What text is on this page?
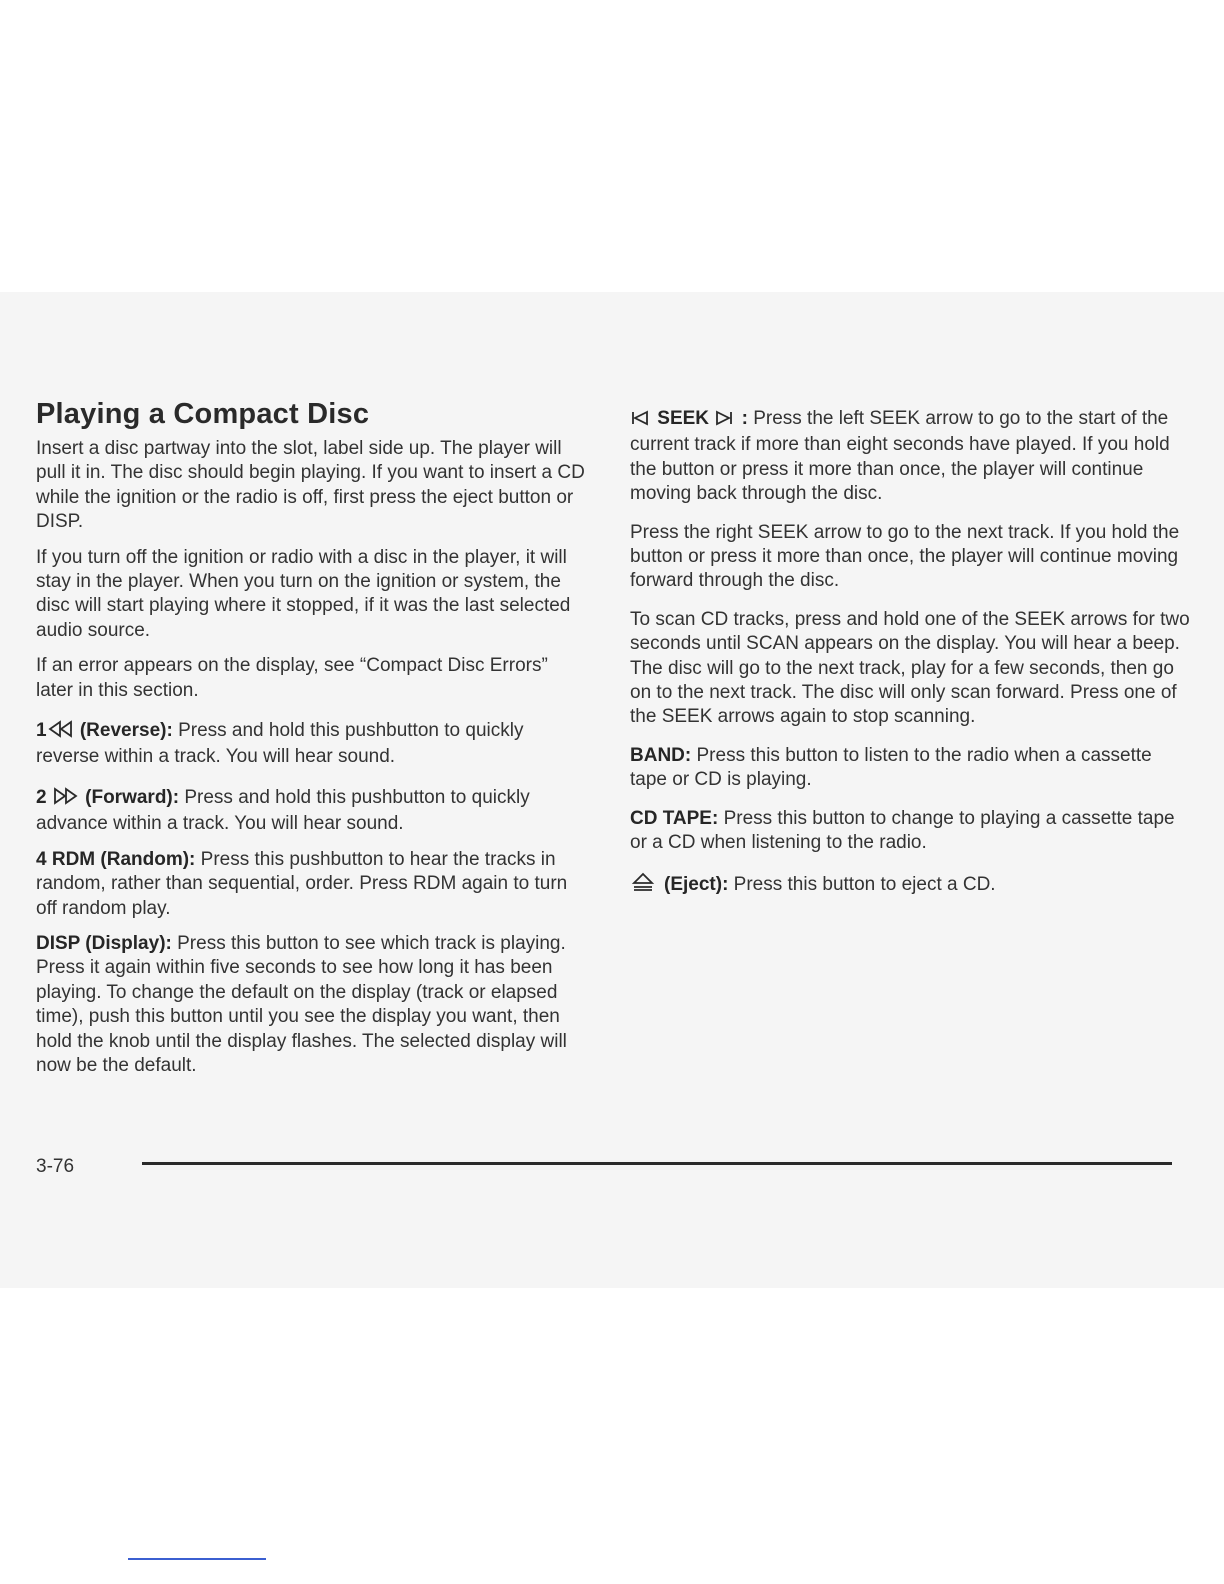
Playing a Compact Disc

Insert a disc partway into the slot, label side up. The player will pull it in. The disc should begin playing. If you want to insert a CD while the ignition or the radio is off, first press the eject button or DISP.

If you turn off the ignition or radio with a disc in the player, it will stay in the player. When you turn on the ignition or system, the disc will start playing where it stopped, if it was the last selected audio source.

If an error appears on the display, see “Compact Disc Errors” later in this section.

1 (Reverse): Press and hold this pushbutton to quickly reverse within a track. You will hear sound.

2 (Forward): Press and hold this pushbutton to quickly advance within a track. You will hear sound.

4 RDM (Random): Press this pushbutton to hear the tracks in random, rather than sequential, order. Press RDM again to turn off random play.

DISP (Display): Press this button to see which track is playing. Press it again within five seconds to see how long it has been playing. To change the default on the display (track or elapsed time), push this button until you see the display you want, then hold the knob until the display flashes. The selected display will now be the default.

SEEK  : Press the left SEEK arrow to go to the start of the current track if more than eight seconds have played. If you hold the button or press it more than once, the player will continue moving back through the disc.

Press the right SEEK arrow to go to the next track. If you hold the button or press it more than once, the player will continue moving forward through the disc.

To scan CD tracks, press and hold one of the SEEK arrows for two seconds until SCAN appears on the display. You will hear a beep. The disc will go to the next track, play for a few seconds, then go on to the next track. The disc will only scan forward. Press one of the SEEK arrows again to stop scanning.

BAND: Press this button to listen to the radio when a cassette tape or CD is playing.

CD TAPE: Press this button to change to playing a cassette tape or a CD when listening to the radio.

(Eject): Press this button to eject a CD.

3-76
